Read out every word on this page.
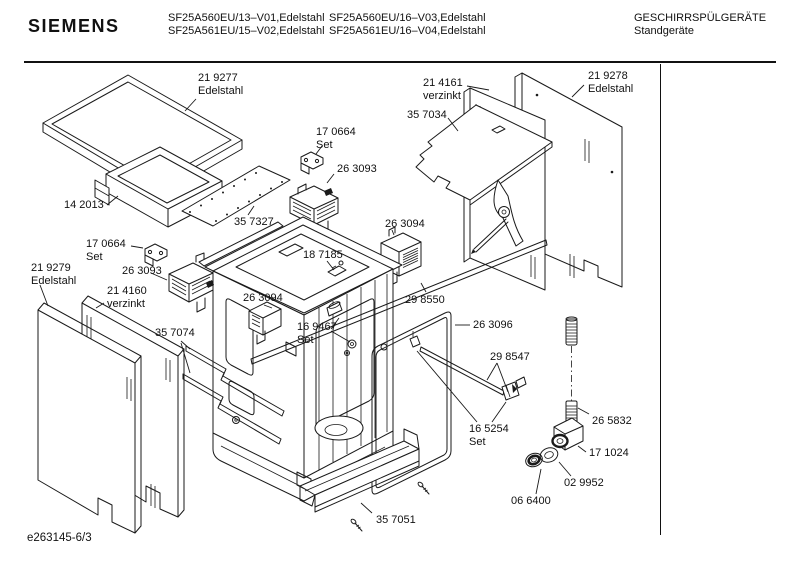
SIEMENS	SF25A560EU/13–V01,Edelstahl
SF25A561EU/15–V02,Edelstahl
SF25A560EU/16–V03,Edelstahl
SF25A561EU/16–V04,Edelstahl
GESCHIRRSPÜLGERÄTE
Standgeräte
21 9277
Edelstahl
14 2013
35 7327
17 0664
Set
26 3093
26 3094
35 7034
21 4161
verzinkt
21 9278
Edelstahl
18 7185
26 3094
16 9467
Set
29 8550
26 3096
35 7074
21 9279
Edelstahl
21 4160
verzinkt
17 0664
Set
26 3093
29 8547
16 5254
Set
26 5832
17 1024
02 9952
06 6400
35 7051
e263145-6/3
